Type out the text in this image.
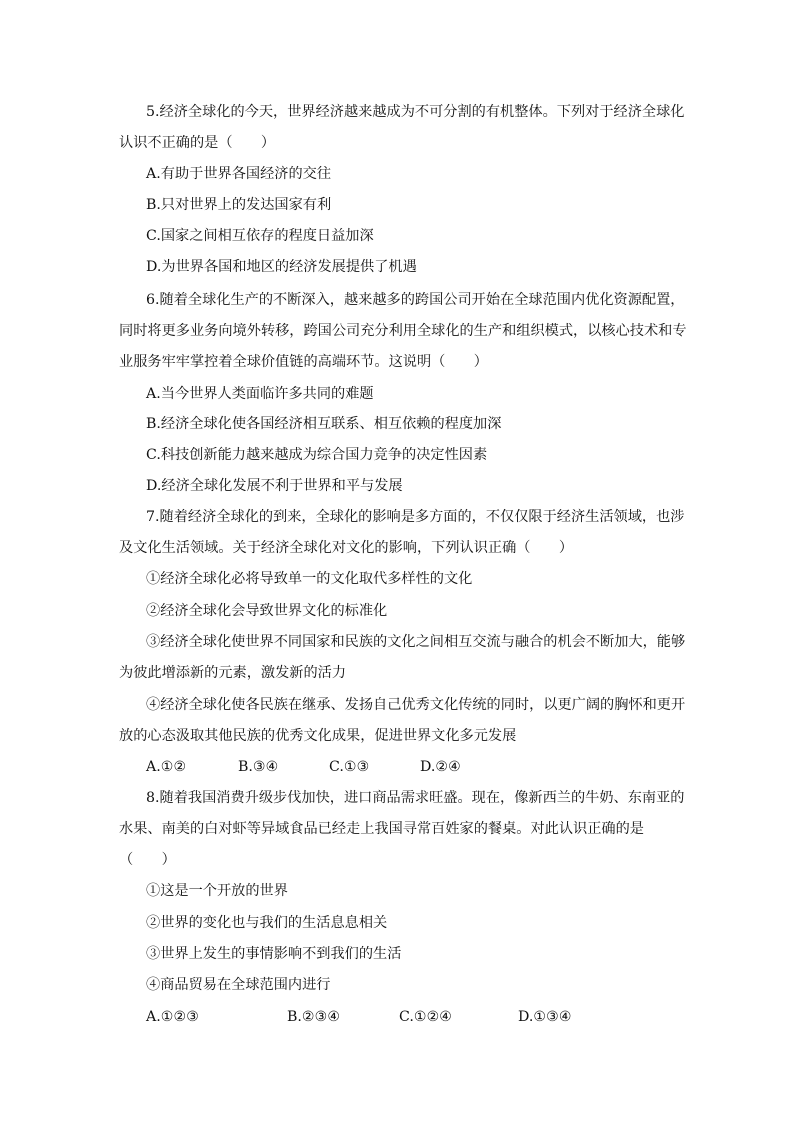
5.经济全球化的今天，世界经济越来越成为不可分割的有机整体。下列对于经济全球化
认识不正确的是（　　）
A.有助于世界各国经济的交往
B.只对世界上的发达国家有利
C.国家之间相互依存的程度日益加深
D.为世界各国和地区的经济发展提供了机遇
6.随着全球化生产的不断深入，越来越多的跨国公司开始在全球范围内优化资源配置，
同时将更多业务向境外转移，跨国公司充分利用全球化的生产和组织模式，以核心技术和专
业服务牢牢掌控着全球价值链的高端环节。这说明（　　）
A.当今世界人类面临许多共同的难题
B.经济全球化使各国经济相互联系、相互依赖的程度加深
C.科技创新能力越来越成为综合国力竞争的决定性因素
D.经济全球化发展不利于世界和平与发展
7.随着经济全球化的到来，全球化的影响是多方面的，不仅仅限于经济生活领域，也涉
及文化生活领域。关于经济全球化对文化的影响，下列认识正确（　　）
①经济全球化必将导致单一的文化取代多样性的文化
②经济全球化会导致世界文化的标准化
③经济全球化使世界不同国家和民族的文化之间相互交流与融合的机会不断加大，能够
为彼此增添新的元素，激发新的活力
④经济全球化使各民族在继承、发扬自己优秀文化传统的同时，以更广阔的胸怀和更开
放的心态汲取其他民族的优秀文化成果，促进世界文化多元发展
A.①②	B.③④	C.①③	D.②④
8.随着我国消费升级步伐加快，进口商品需求旺盛。现在，像新西兰的牛奶、东南亚的
水果、南美的白对虾等异域食品已经走上我国寻常百姓家的餐桌。对此认识正确的是
（　　）
①这是一个开放的世界
②世界的变化也与我们的生活息息相关
③世界上发生的事情影响不到我们的生活
④商品贸易在全球范围内进行
A.①②③	B.②③④	C.①②④	D.①③④
